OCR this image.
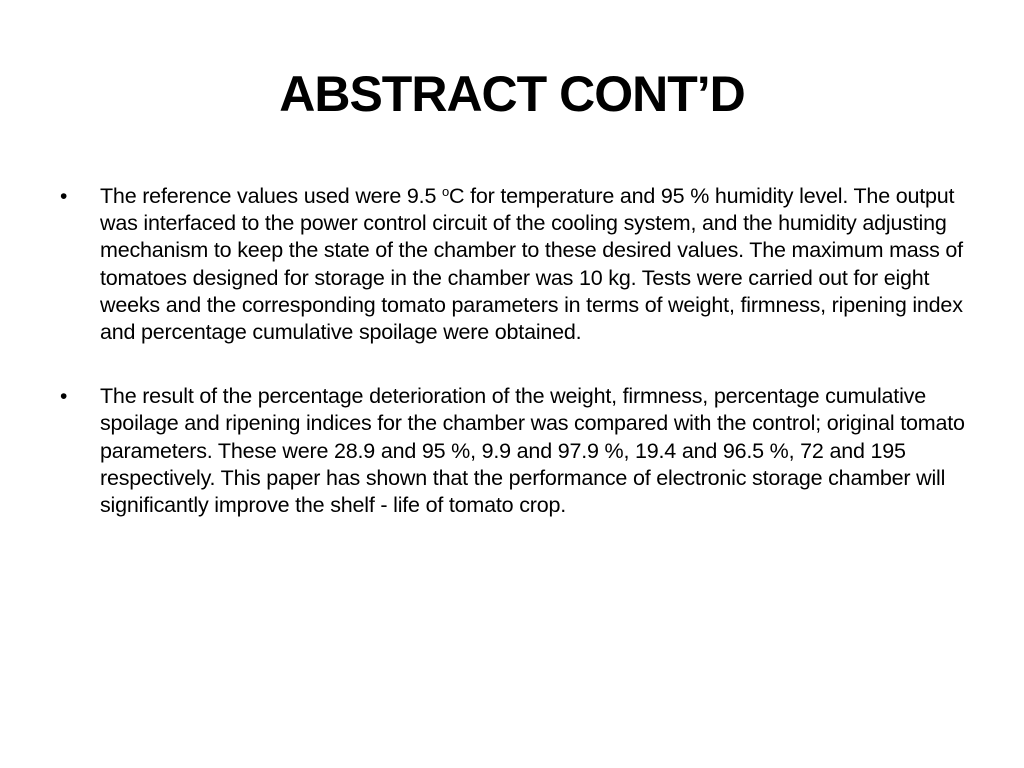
ABSTRACT CONT’D
• The reference values used were 9.5 $^o$C for temperature and 95 % humidity level. The output was interfaced to the power control circuit of the cooling system, and the humidity adjusting mechanism to keep the state of the chamber to these desired values. The maximum mass of tomatoes designed for storage in the chamber was 10 kg. Tests were carried out for eight weeks and the corresponding tomato parameters in terms of weight, firmness, ripening index and percentage cumulative spoilage were obtained.
• The result of the percentage deterioration of the weight, firmness, percentage cumulative spoilage and ripening indices for the chamber was compared with the control; original tomato parameters. These were 28.9 and 95 %, 9.9 and 97.9 %, 19.4 and 96.5 %, 72 and 195 respectively. This paper has shown that the performance of electronic storage chamber will significantly improve the shelf - life of tomato crop.
